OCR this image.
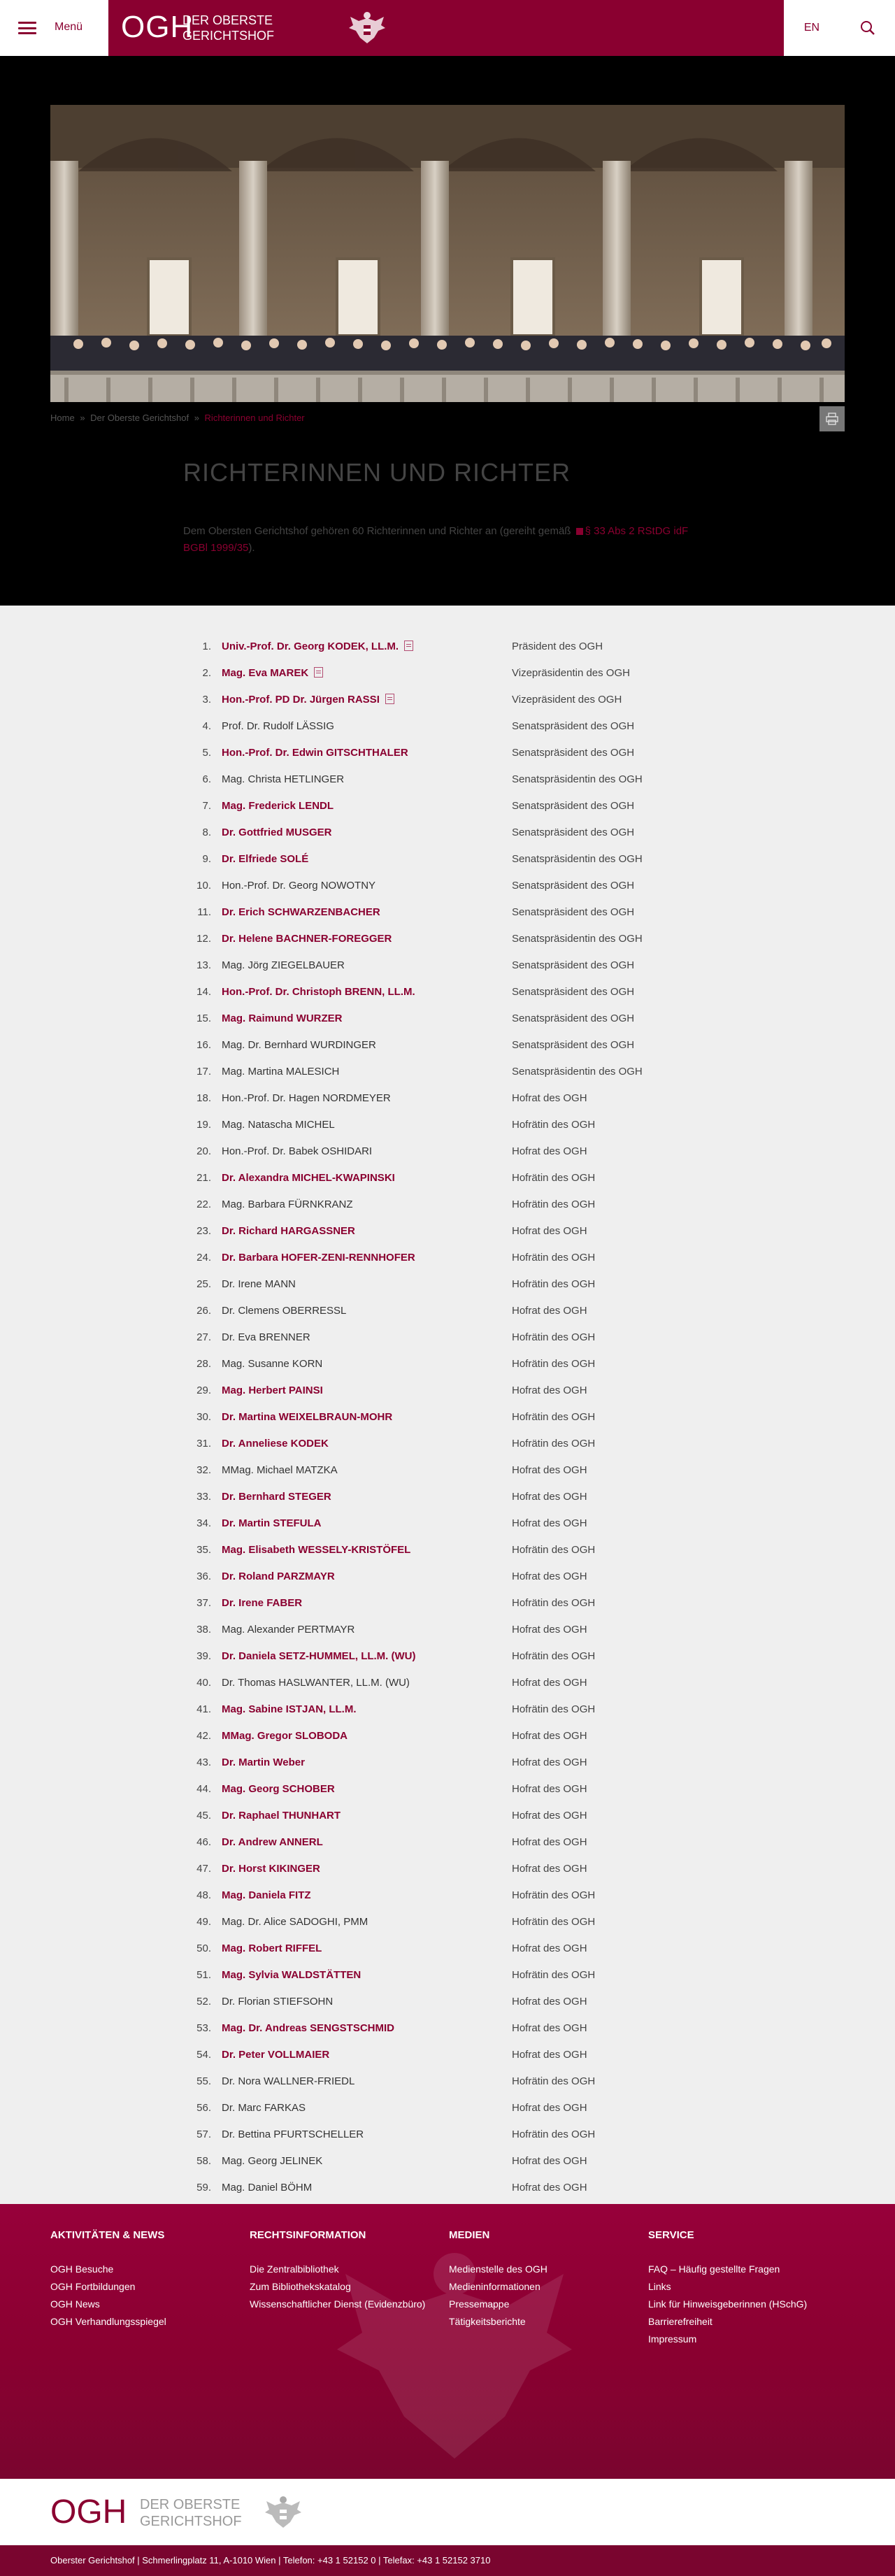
Menü OGH
DER OBERSTE
GERICHTSHOF
EN
Home » Der Oberste Gerichtshof » Richterinnen und Richter
RICHTERINNEN UND RICHTER

Dem Obersten Gerichtshof gehören 60 Richterinnen und Richter an (gereiht gemäß § 33 Abs 2 RStDG idF BGBl 1999/35).

1. Univ.-Prof. Dr. Georg KODEK, LL.M.	Präsident des OGH
2. Mag. Eva MAREK	Vizepräsidentin des OGH
3. Hon.-Prof. PD Dr. Jürgen RASSI	Vizepräsident des OGH
4. Prof. Dr. Rudolf LÄSSIG	Senatspräsident des OGH
5. Hon.-Prof. Dr. Edwin GITSCHTHALER	Senatspräsident des OGH
6. Mag. Christa HETLINGER	Senatspräsidentin des OGH
7. Mag. Frederick LENDL	Senatspräsident des OGH
8. Dr. Gottfried MUSGER	Senatspräsident des OGH
9. Dr. Elfriede SOLÉ	Senatspräsidentin des OGH
10. Hon.-Prof. Dr. Georg NOWOTNY	Senatspräsident des OGH
11. Dr. Erich SCHWARZENBACHER	Senatspräsident des OGH
12. Dr. Helene BACHNER-FOREGGER	Senatspräsidentin des OGH
13. Mag. Jörg ZIEGELBAUER	Senatspräsident des OGH
14. Hon.-Prof. Dr. Christoph BRENN, LL.M.	Senatspräsident des OGH
15. Mag. Raimund WURZER	Senatspräsident des OGH
16. Mag. Dr. Bernhard WURDINGER	Senatspräsident des OGH
17. Mag. Martina MALESICH	Senatspräsidentin des OGH
18. Hon.-Prof. Dr. Hagen NORDMEYER	Hofrat des OGH
19. Mag. Natascha MICHEL	Hofrätin des OGH
20. Hon.-Prof. Dr. Babek OSHIDARI	Hofrat des OGH
21. Dr. Alexandra MICHEL-KWAPINSKI	Hofrätin des OGH
22. Mag. Barbara FÜRNKRANZ	Hofrätin des OGH
23. Dr. Richard HARGASSNER	Hofrat des OGH
24. Dr. Barbara HOFER-ZENI-RENNHOFER	Hofrätin des OGH
25. Dr. Irene MANN	Hofrätin des OGH
26. Dr. Clemens OBERRESSL	Hofrat des OGH
27. Dr. Eva BRENNER	Hofrätin des OGH
28. Mag. Susanne KORN	Hofrätin des OGH
29. Mag. Herbert PAINSI	Hofrat des OGH
30. Dr. Martina WEIXELBRAUN-MOHR	Hofrätin des OGH
31. Dr. Anneliese KODEK	Hofrätin des OGH
32. MMag. Michael MATZKA	Hofrat des OGH
33. Dr. Bernhard STEGER	Hofrat des OGH
34. Dr. Martin STEFULA	Hofrat des OGH
35. Mag. Elisabeth WESSELY-KRISTÖFEL	Hofrätin des OGH
36. Dr. Roland PARZMAYR	Hofrat des OGH
37. Dr. Irene FABER	Hofrätin des OGH
38. Mag. Alexander PERTMAYR	Hofrat des OGH
39. Dr. Daniela SETZ-HUMMEL, LL.M. (WU)	Hofrätin des OGH
40. Dr. Thomas HASLWANTER, LL.M. (WU)	Hofrat des OGH
41. Mag. Sabine ISTJAN, LL.M.	Hofrätin des OGH
42. MMag. Gregor SLOBODA	Hofrat des OGH
43. Dr. Martin Weber	Hofrat des OGH
44. Mag. Georg SCHOBER	Hofrat des OGH
45. Dr. Raphael THUNHART	Hofrat des OGH
46. Dr. Andrew ANNERL	Hofrat des OGH
47. Dr. Horst KIKINGER	Hofrat des OGH
48. Mag. Daniela FITZ	Hofrätin des OGH
49. Mag. Dr. Alice SADOGHI, PMM	Hofrätin des OGH
50. Mag. Robert RIFFEL	Hofrat des OGH
51. Mag. Sylvia WALDSTÄTTEN	Hofrätin des OGH
52. Dr. Florian STIEFSOHN	Hofrat des OGH
53. Mag. Dr. Andreas SENGSTSCHMID	Hofrat des OGH
54. Dr. Peter VOLLMAIER	Hofrat des OGH
55. Dr. Nora WALLNER-FRIEDL	Hofrätin des OGH
56. Dr. Marc FARKAS	Hofrat des OGH
57. Dr. Bettina PFURTSCHELLER	Hofrätin des OGH
58. Mag. Georg JELINEK	Hofrat des OGH
59. Mag. Daniel BÖHM	Hofrat des OGH
AKTIVITÄTEN & NEWS
OGH Besuche
OGH Fortbildungen
OGH News
OGH Verhandlungsspiegel
RECHTSINFORMATION
Die Zentralbibliothek
Zum Bibliothekskatalog
Wissenschaftlicher Dienst (Evidenzbüro)
MEDIEN
Medienstelle des OGH
Medieninformationen
Pressemappe
Tätigkeitsberichte
SERVICE
FAQ – Häufig gestellte Fragen
Links
Link für Hinweisgeberinnen (HSchG)
Barrierefreiheit
Impressum
OGH DER OBERSTE
GERICHTSHOF
Oberster Gerichtshof | Schmerlingplatz 11, A-1010 Wien | Telefon: +43 1 52152 0 | Telefax: +43 1 52152 3710
